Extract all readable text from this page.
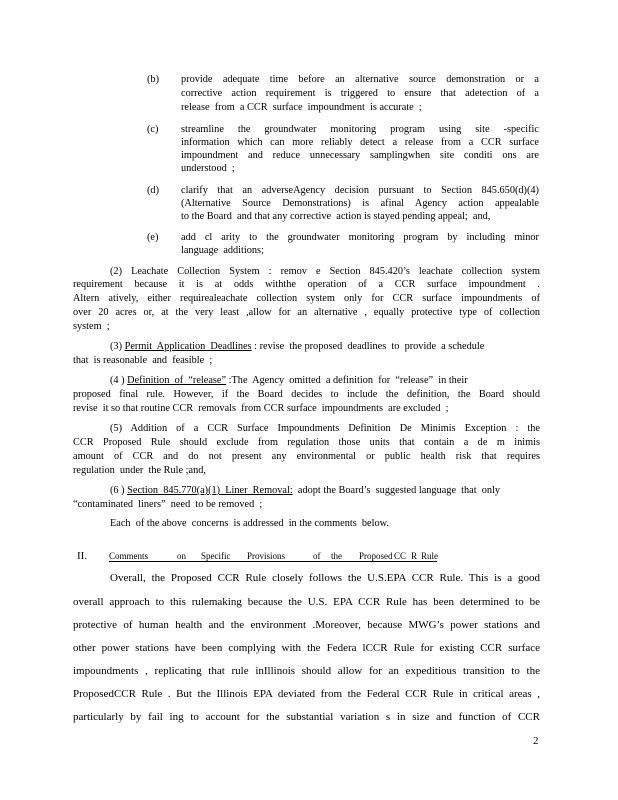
(b) provide adequate time before an alternative source demonstration or a
corrective action requirement is triggered to ensure that adetection of a
release  from  a CCR  surface  impoundment  is accurate  ;
(c) streamline the groundwater monitoring program using site -specific
information which can more reliably detect a release from a CCR surface
impoundment and reduce unnecessary samplingwhen site conditi ons are
understood  ;
(d) clarify that an adverseAgency decision pursuant to Section 845.650(d)(4)
(Alternative Source Demonstrations) is afinal Agency action appealable
to the Board  and that any corrective  action is stayed pending appeal;  and,
(e) add cl arity to the groundwater monitoring program by including minor
language  additions;
(2) Leachate Collection System : remov e Section 845.420’s leachate collection system
requirement because it is at odds withthe operation of a CCR surface impoundment .
Altern atively, either requirealeachate collection system only for CCR surface impoundments of
over 20 acres or, at the very least ,allow for an alternative , equally protective type of collection
system  ;
(3) Permit  Application  Deadlines : revise  the proposed  deadlines  to  provide  a schedule
that  is reasonable  and  feasible  ;
(4 ) Definition  of  “release” :The  Agency  omitted  a definition  for  “release”  in their
proposed final rule. However, if the Board decides to include the definition, the Board should
revise  it so that routine CCR  removals  from CCR surface  impoundments  are excluded  ;
(5) Addition of a CCR Surface Impoundments Definition De Minimis Exception : the
CCR Proposed Rule should exclude from regulation those units that contain a de m inimis
amount of CCR and do not present any environmental or public health risk that requires
regulation  under  the Rule ;and,
(6 ) Section  845.770(a)(1)  Liner  Removal:  adopt the Board’s  suggested language  that  only
“contaminated  liners”  need  to be removed  ;
Each  of the above  concerns  is addressed  in the comments  below.
II. Comments	on Specific Provisions	of the Proposed CC R Rule
Overall, the Proposed CCR Rule closely follows the U.S.EPA CCR Rule. This is a good
overall approach to this rulemaking because the U.S. EPA CCR Rule has been determined to be
protective of human health and the environment .Moreover, because MWG’s power stations and
other power stations have been complying with the Federa lCCR Rule for existing CCR surface
impoundments , replicating that rule inIllinois should allow for an expeditious transition to the
ProposedCCR Rule . But the Illinois EPA deviated from the Federal CCR Rule in critical areas ,
particularly by fail ing to account for the substantial variation s in size and function of CCR
2
